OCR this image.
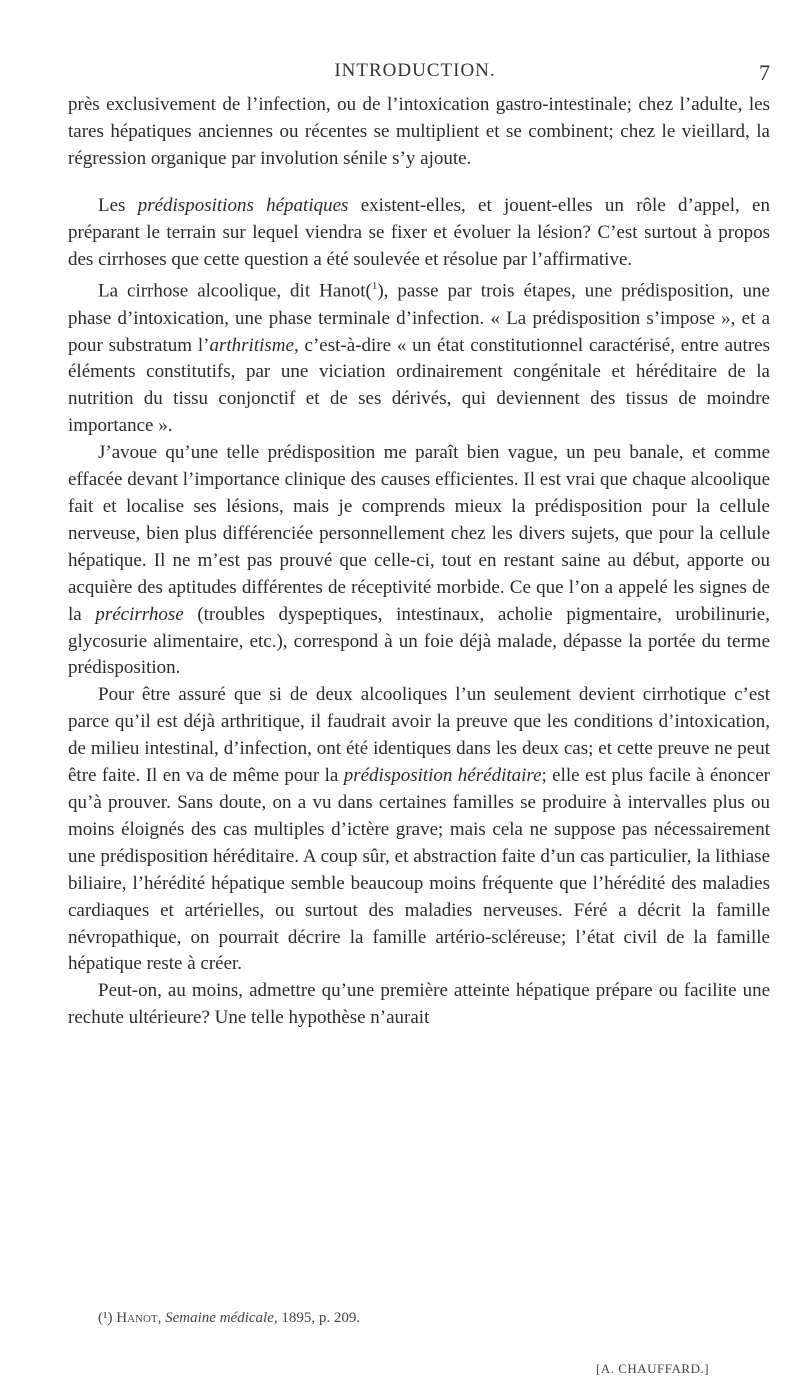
INTRODUCTION.	7

près exclusivement de l’infection, ou de l’intoxication gastro-intestinale; chez l’adulte, les tares hépatiques anciennes ou récentes se multiplient et se combinent; chez le vieillard, la régression organique par involution sénile s’y ajoute.

Les prédispositions hépatiques existent-elles, et jouent-elles un rôle d’appel, en préparant le terrain sur lequel viendra se fixer et évoluer la lésion? C’est surtout à propos des cirrhoses que cette question a été soulevée et résolue par l’affirmative.

La cirrhose alcoolique, dit Hanot($^1$), passe par trois étapes, une prédisposition, une phase d’intoxication, une phase terminale d’infection. « La prédisposition s’impose », et a pour substratum l’arthritisme, c’est-à-dire « un état constitutionnel caractérisé, entre autres éléments constitutifs, par une viciation ordinairement congénitale et héréditaire de la nutrition du tissu conjonctif et de ses dérivés, qui deviennent des tissus de moindre importance ».

J’avoue qu’une telle prédisposition me paraît bien vague, un peu banale, et comme effacée devant l’importance clinique des causes efficientes. Il est vrai que chaque alcoolique fait et localise ses lésions, mais je comprends mieux la prédisposition pour la cellule nerveuse, bien plus différenciée personnellement chez les divers sujets, que pour la cellule hépatique. Il ne m’est pas prouvé que celle-ci, tout en restant saine au début, apporte ou acquière des aptitudes différentes de réceptivité morbide. Ce que l’on a appelé les signes de la précirrhose (troubles dyspeptiques, intestinaux, acholie pigmentaire, urobilinurie, glycosurie alimentaire, etc.), correspond à un foie déjà malade, dépasse la portée du terme prédisposition.

Pour être assuré que si de deux alcooliques l’un seulement devient cirrhotique c’est parce qu’il est déjà arthritique, il faudrait avoir la preuve que les conditions d’intoxication, de milieu intestinal, d’infection, ont été identiques dans les deux cas; et cette preuve ne peut être faite. Il en va de même pour la prédisposition héréditaire; elle est plus facile à énoncer qu’à prouver. Sans doute, on a vu dans certaines familles se produire à intervalles plus ou moins éloignés des cas multiples d’ictère grave; mais cela ne suppose pas nécessairement une prédisposition héréditaire. A coup sûr, et abstraction faite d’un cas particulier, la lithiase biliaire, l’hérédité hépatique semble beaucoup moins fréquente que l’hérédité des maladies cardiaques et artérielles, ou surtout des maladies nerveuses. Féré a décrit la famille névropathique, on pourrait décrire la famille artério-scléreuse; l’état civil de la famille hépatique reste à créer.

Peut-on, au moins, admettre qu’une première atteinte hépatique prépare ou facilite une rechute ultérieure? Une telle hypothèse n’aurait

(¹) Hanot, Semaine médicale, 1895, p. 209.
[A. CHAUFFARD.]
